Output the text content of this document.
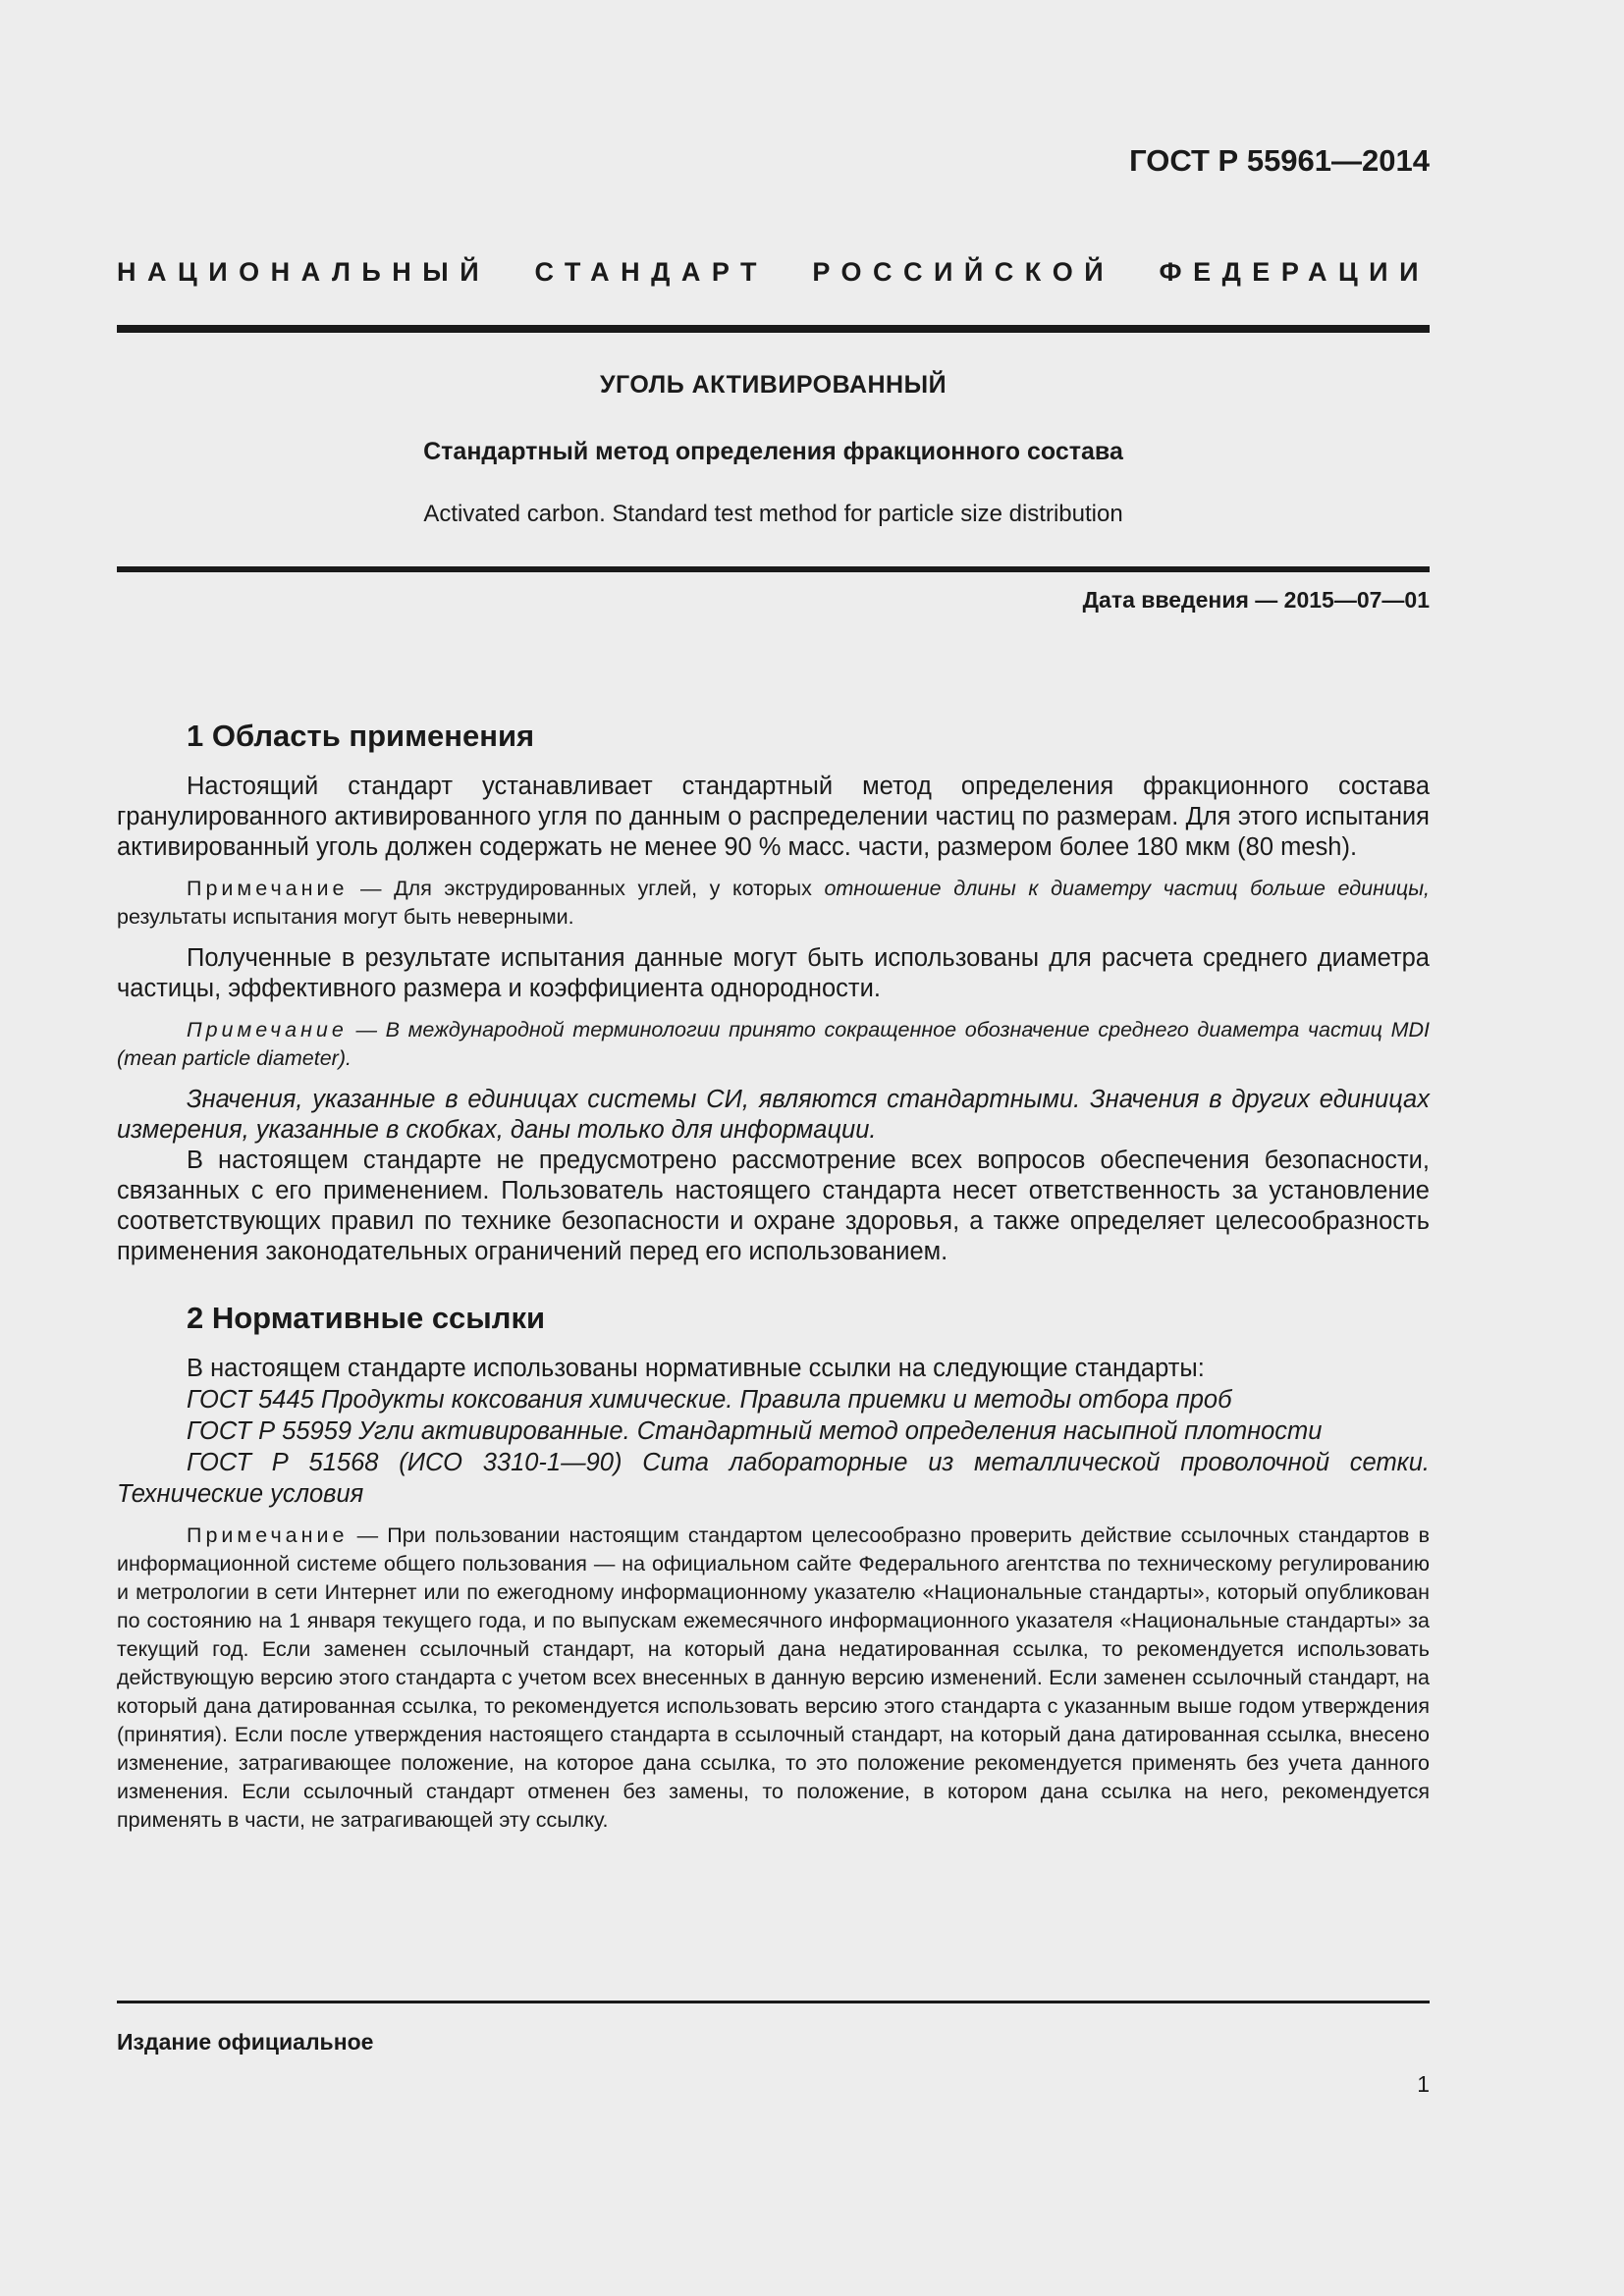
ГОСТ Р 55961—2014
НАЦИОНАЛЬНЫЙ СТАНДАРТ РОССИЙСКОЙ ФЕДЕРАЦИИ
УГОЛЬ АКТИВИРОВАННЫЙ
Стандартный метод определения фракционного состава
Activated carbon. Standard test method for particle size distribution
Дата введения — 2015—07—01
1 Область применения

Настоящий стандарт устанавливает стандартный метод определения фракционного состава гранулированного активированного угля по данным о распределении частиц по размерам. Для этого испытания активированный уголь должен содержать не менее 90 % масс. части, размером более 180 мкм (80 mesh).

Примечание — Для экструдированных углей, у которых отношение длины к диаметру частиц больше единицы, результаты испытания могут быть неверными.

Полученные в результате испытания данные могут быть использованы для расчета среднего диаметра частицы, эффективного размера и коэффициента однородности.

Примечание — В международной терминологии принято сокращенное обозначение среднего диаметра частиц MDI (mean particle diameter).

Значения, указанные в единицах системы СИ, являются стандартными. Значения в других единицах измерения, указанные в скобках, даны только для информации.

В настоящем стандарте не предусмотрено рассмотрение всех вопросов обеспечения безопасности, связанных с его применением. Пользователь настоящего стандарта несет ответственность за установление соответствующих правил по технике безопасности и охране здоровья, а также определяет целесообразность применения законодательных ограничений перед его использованием.

2 Нормативные ссылки

В настоящем стандарте использованы нормативные ссылки на следующие стандарты:

ГОСТ 5445 Продукты коксования химические. Правила приемки и методы отбора проб

ГОСТ Р 55959 Угли активированные. Стандартный метод определения насыпной плотности

ГОСТ Р 51568 (ИСО 3310-1—90) Сита лабораторные из металлической проволочной сетки. Технические условия

Примечание — При пользовании настоящим стандартом целесообразно проверить действие ссылочных стандартов в информационной системе общего пользования — на официальном сайте Федерального агентства по техническому регулированию и метрологии в сети Интернет или по ежегодному информационному указателю «Национальные стандарты», который опубликован по состоянию на 1 января текущего года, и по выпускам ежемесячного информационного указателя «Национальные стандарты» за текущий год. Если заменен ссылочный стандарт, на который дана недатированная ссылка, то рекомендуется использовать действующую версию этого стандарта с учетом всех внесенных в данную версию изменений. Если заменен ссылочный стандарт, на который дана датированная ссылка, то рекомендуется использовать версию этого стандарта с указанным выше годом утверждения (принятия). Если после утверждения настоящего стандарта в ссылочный стандарт, на который дана датированная ссылка, внесено изменение, затрагивающее положение, на которое дана ссылка, то это положение рекомендуется применять без учета данного изменения. Если ссылочный стандарт отменен без замены, то положение, в котором дана ссылка на него, рекомендуется применять в части, не затрагивающей эту ссылку.

Издание официальное
1
